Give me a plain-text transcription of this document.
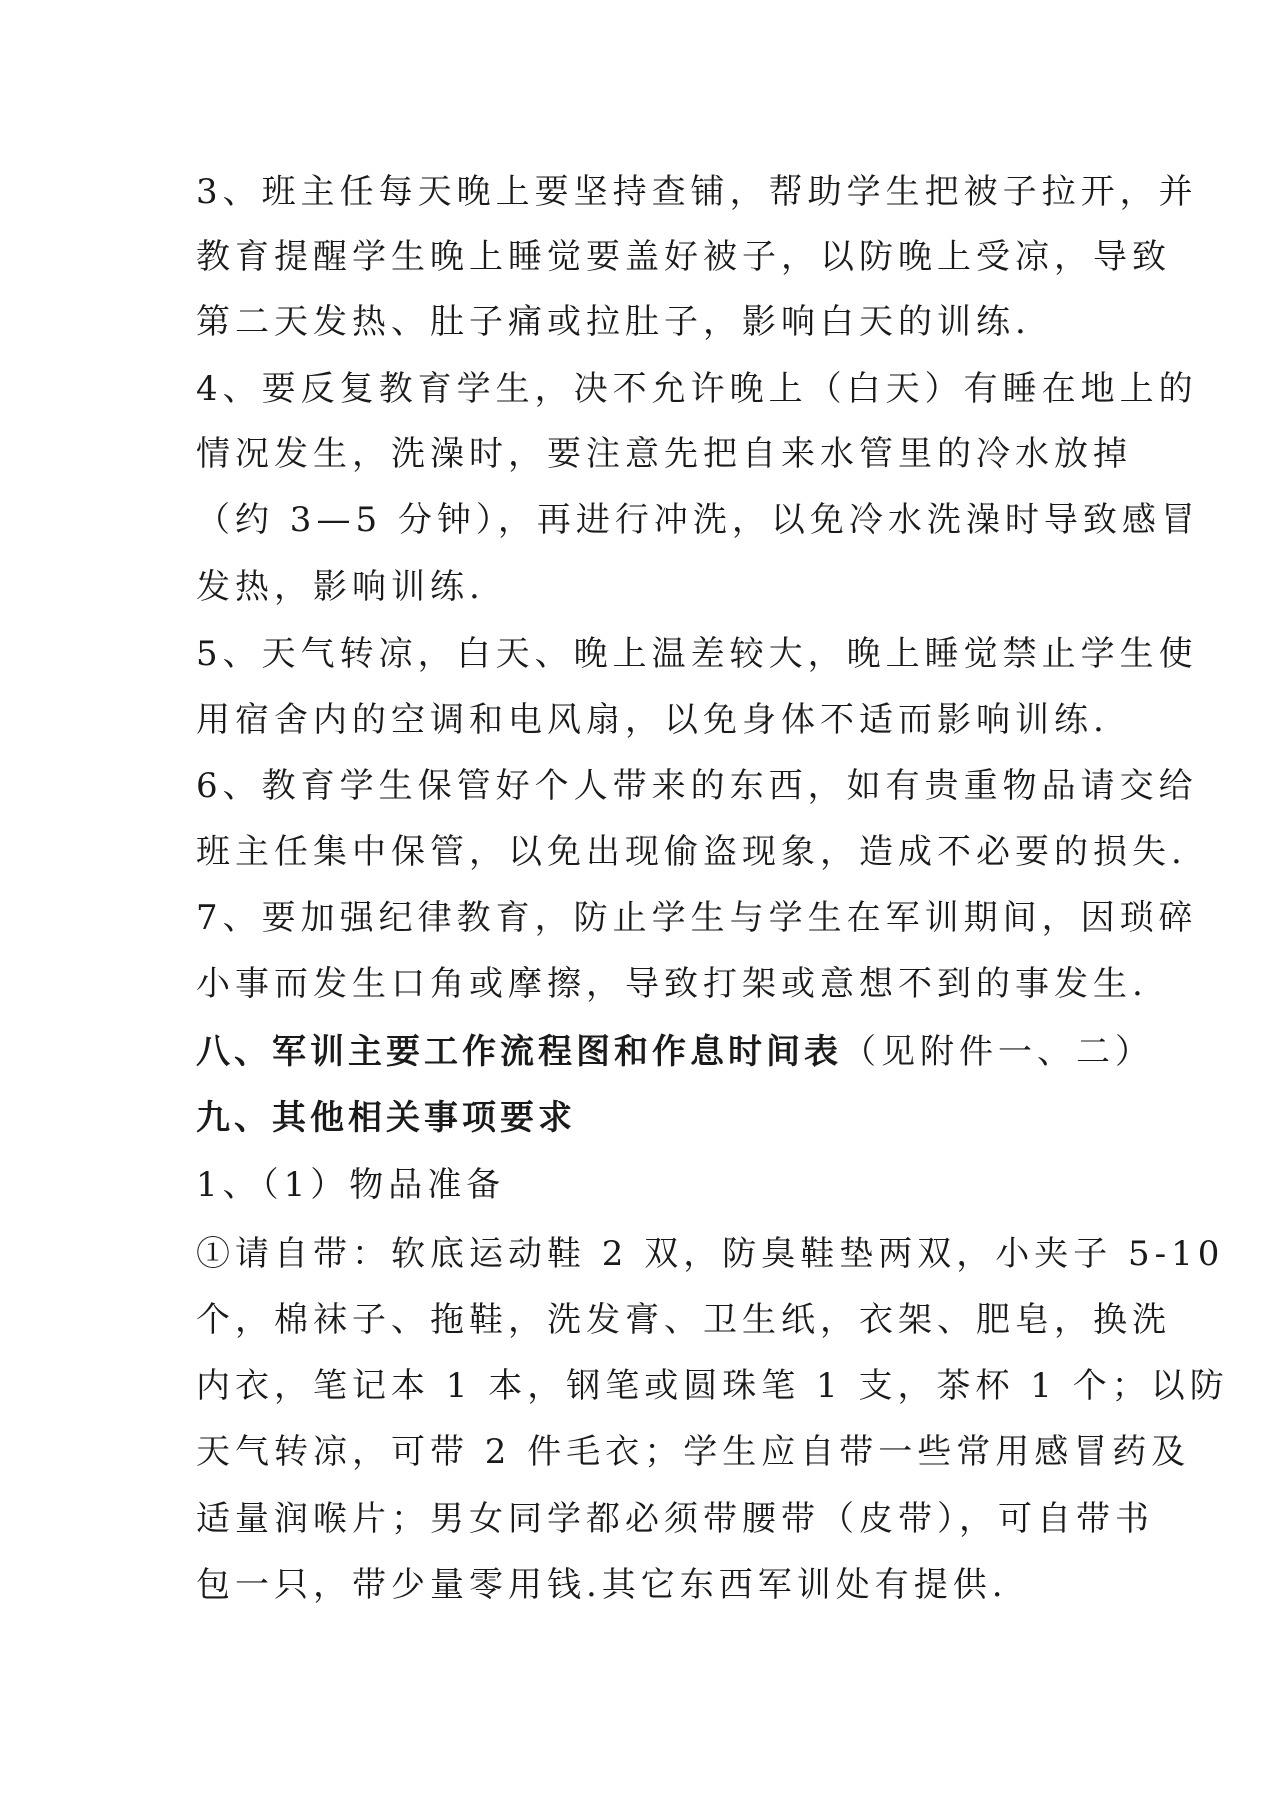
3、班主任每天晚上要坚持查铺，帮助学生把被子拉开，并
教育提醒学生晚上睡觉要盖好被子，以防晚上受凉，导致
第二天发热、肚子痛或拉肚子，影响白天的训练.
4、要反复教育学生，决不允许晚上（白天）有睡在地上的
情况发生，洗澡时，要注意先把自来水管里的冷水放掉
（约 3—5 分钟），再进行冲洗，以免冷水洗澡时导致感冒
发热，影响训练.
5、天气转凉，白天、晚上温差较大，晚上睡觉禁止学生使
用宿舍内的空调和电风扇，以免身体不适而影响训练.
6、教育学生保管好个人带来的东西，如有贵重物品请交给
班主任集中保管，以免出现偷盗现象，造成不必要的损失.
7、要加强纪律教育，防止学生与学生在军训期间，因琐碎
小事而发生口角或摩擦，导致打架或意想不到的事发生.
八、军训主要工作流程图和作息时间表（见附件一、二）
九、其他相关事项要求
1、（1）物品准备
①请自带：软底运动鞋 2 双，防臭鞋垫两双，小夹子 5-10
个，棉袜子、拖鞋，洗发膏、卫生纸，衣架、肥皂，换洗
内衣，笔记本 1 本，钢笔或圆珠笔 1 支，茶杯 1 个；以防
天气转凉，可带 2 件毛衣；学生应自带一些常用感冒药及
适量润喉片；男女同学都必须带腰带（皮带），可自带书
包一只，带少量零用钱.其它东西军训处有提供.
